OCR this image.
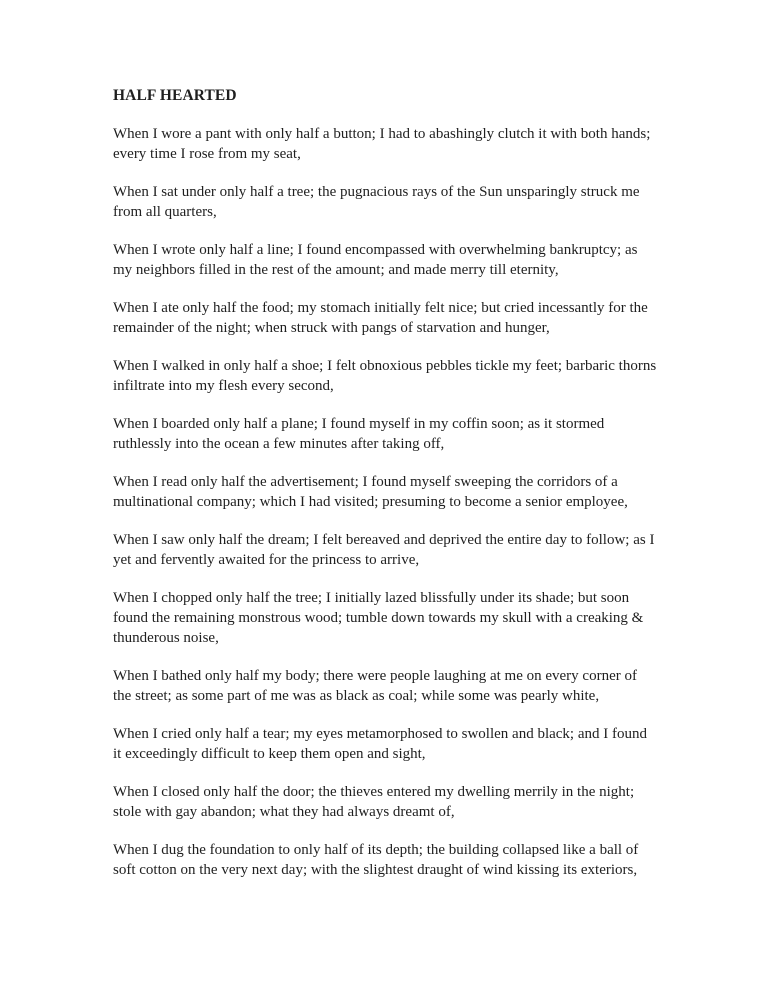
HALF HEARTED

When I wore a pant with only half a button; I had to abashingly clutch it with both hands; every time I rose from my seat,

When I sat under only half a tree; the pugnacious rays of the Sun unsparingly struck me from all quarters,

When I wrote only half a line; I found encompassed with overwhelming bankruptcy; as my neighbors filled in the rest of the amount; and made merry till eternity,

When I ate only half the food; my stomach initially felt nice; but cried incessantly for the remainder of the night; when struck with pangs of starvation and hunger,

When I walked in only half a shoe; I felt obnoxious pebbles tickle my feet; barbaric thorns infiltrate into my flesh every second,

When I boarded only half a plane; I found myself in my coffin soon; as it stormed ruthlessly into the ocean a few minutes after taking off,

When I read only half the advertisement; I found myself sweeping the corridors of a multinational company; which I had visited; presuming to become a senior employee,

When I saw only half the dream; I felt bereaved and deprived the entire day to follow; as I yet and fervently awaited for the princess to arrive,

When I chopped only half the tree; I initially lazed blissfully under its shade; but soon found the remaining monstrous wood; tumble down towards my skull with a creaking & thunderous noise,

When I bathed only half my body; there were people laughing at me on every corner of the street; as some part of me was as black as coal; while some was pearly white,

When I cried only half a tear; my eyes metamorphosed to swollen and black; and I found it exceedingly difficult to keep them open and sight,

When I closed only half the door; the thieves entered my dwelling merrily in the night; stole with gay abandon; what they had always dreamt of,

When I dug the foundation to only half of its depth; the building collapsed like a ball of soft cotton on the very next day; with the slightest draught of wind kissing its exteriors,
